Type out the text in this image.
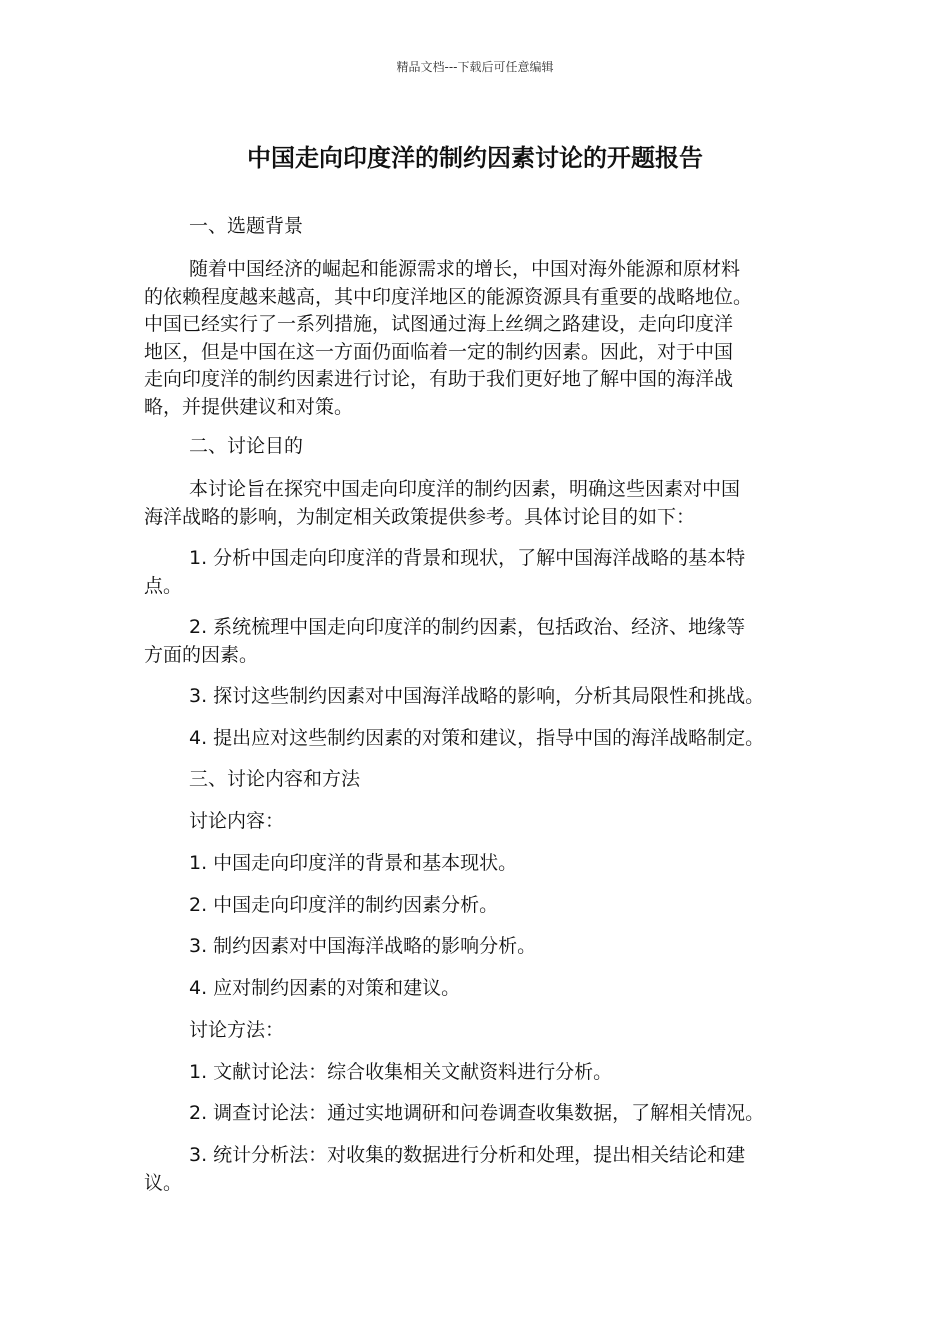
精品文档---下载后可任意编辑
中国走向印度洋的制约因素讨论的开题报告

一、选题背景

随着中国经济的崛起和能源需求的增长，中国对海外能源和原材料
的依赖程度越来越高，其中印度洋地区的能源资源具有重要的战略地位。
中国已经实行了一系列措施，试图通过海上丝绸之路建设，走向印度洋
地区，但是中国在这一方面仍面临着一定的制约因素。因此，对于中国
走向印度洋的制约因素进行讨论，有助于我们更好地了解中国的海洋战
略，并提供建议和对策。

二、讨论目的

本讨论旨在探究中国走向印度洋的制约因素，明确这些因素对中国
海洋战略的影响，为制定相关政策提供参考。具体讨论目的如下：
1. 分析中国走向印度洋的背景和现状，了解中国海洋战略的基本特
点。
2. 系统梳理中国走向印度洋的制约因素，包括政治、经济、地缘等
方面的因素。

3. 探讨这些制约因素对中国海洋战略的影响，分析其局限性和挑战。

4. 提出应对这些制约因素的对策和建议，指导中国的海洋战略制定。

三、讨论内容和方法

讨论内容：

1. 中国走向印度洋的背景和基本现状。

2. 中国走向印度洋的制约因素分析。

3. 制约因素对中国海洋战略的影响分析。

4. 应对制约因素的对策和建议。

讨论方法：

1. 文献讨论法：综合收集相关文献资料进行分析。

2. 调查讨论法：通过实地调研和问卷调查收集数据，了解相关情况。

3. 统计分析法：对收集的数据进行分析和处理，提出相关结论和建
议。
